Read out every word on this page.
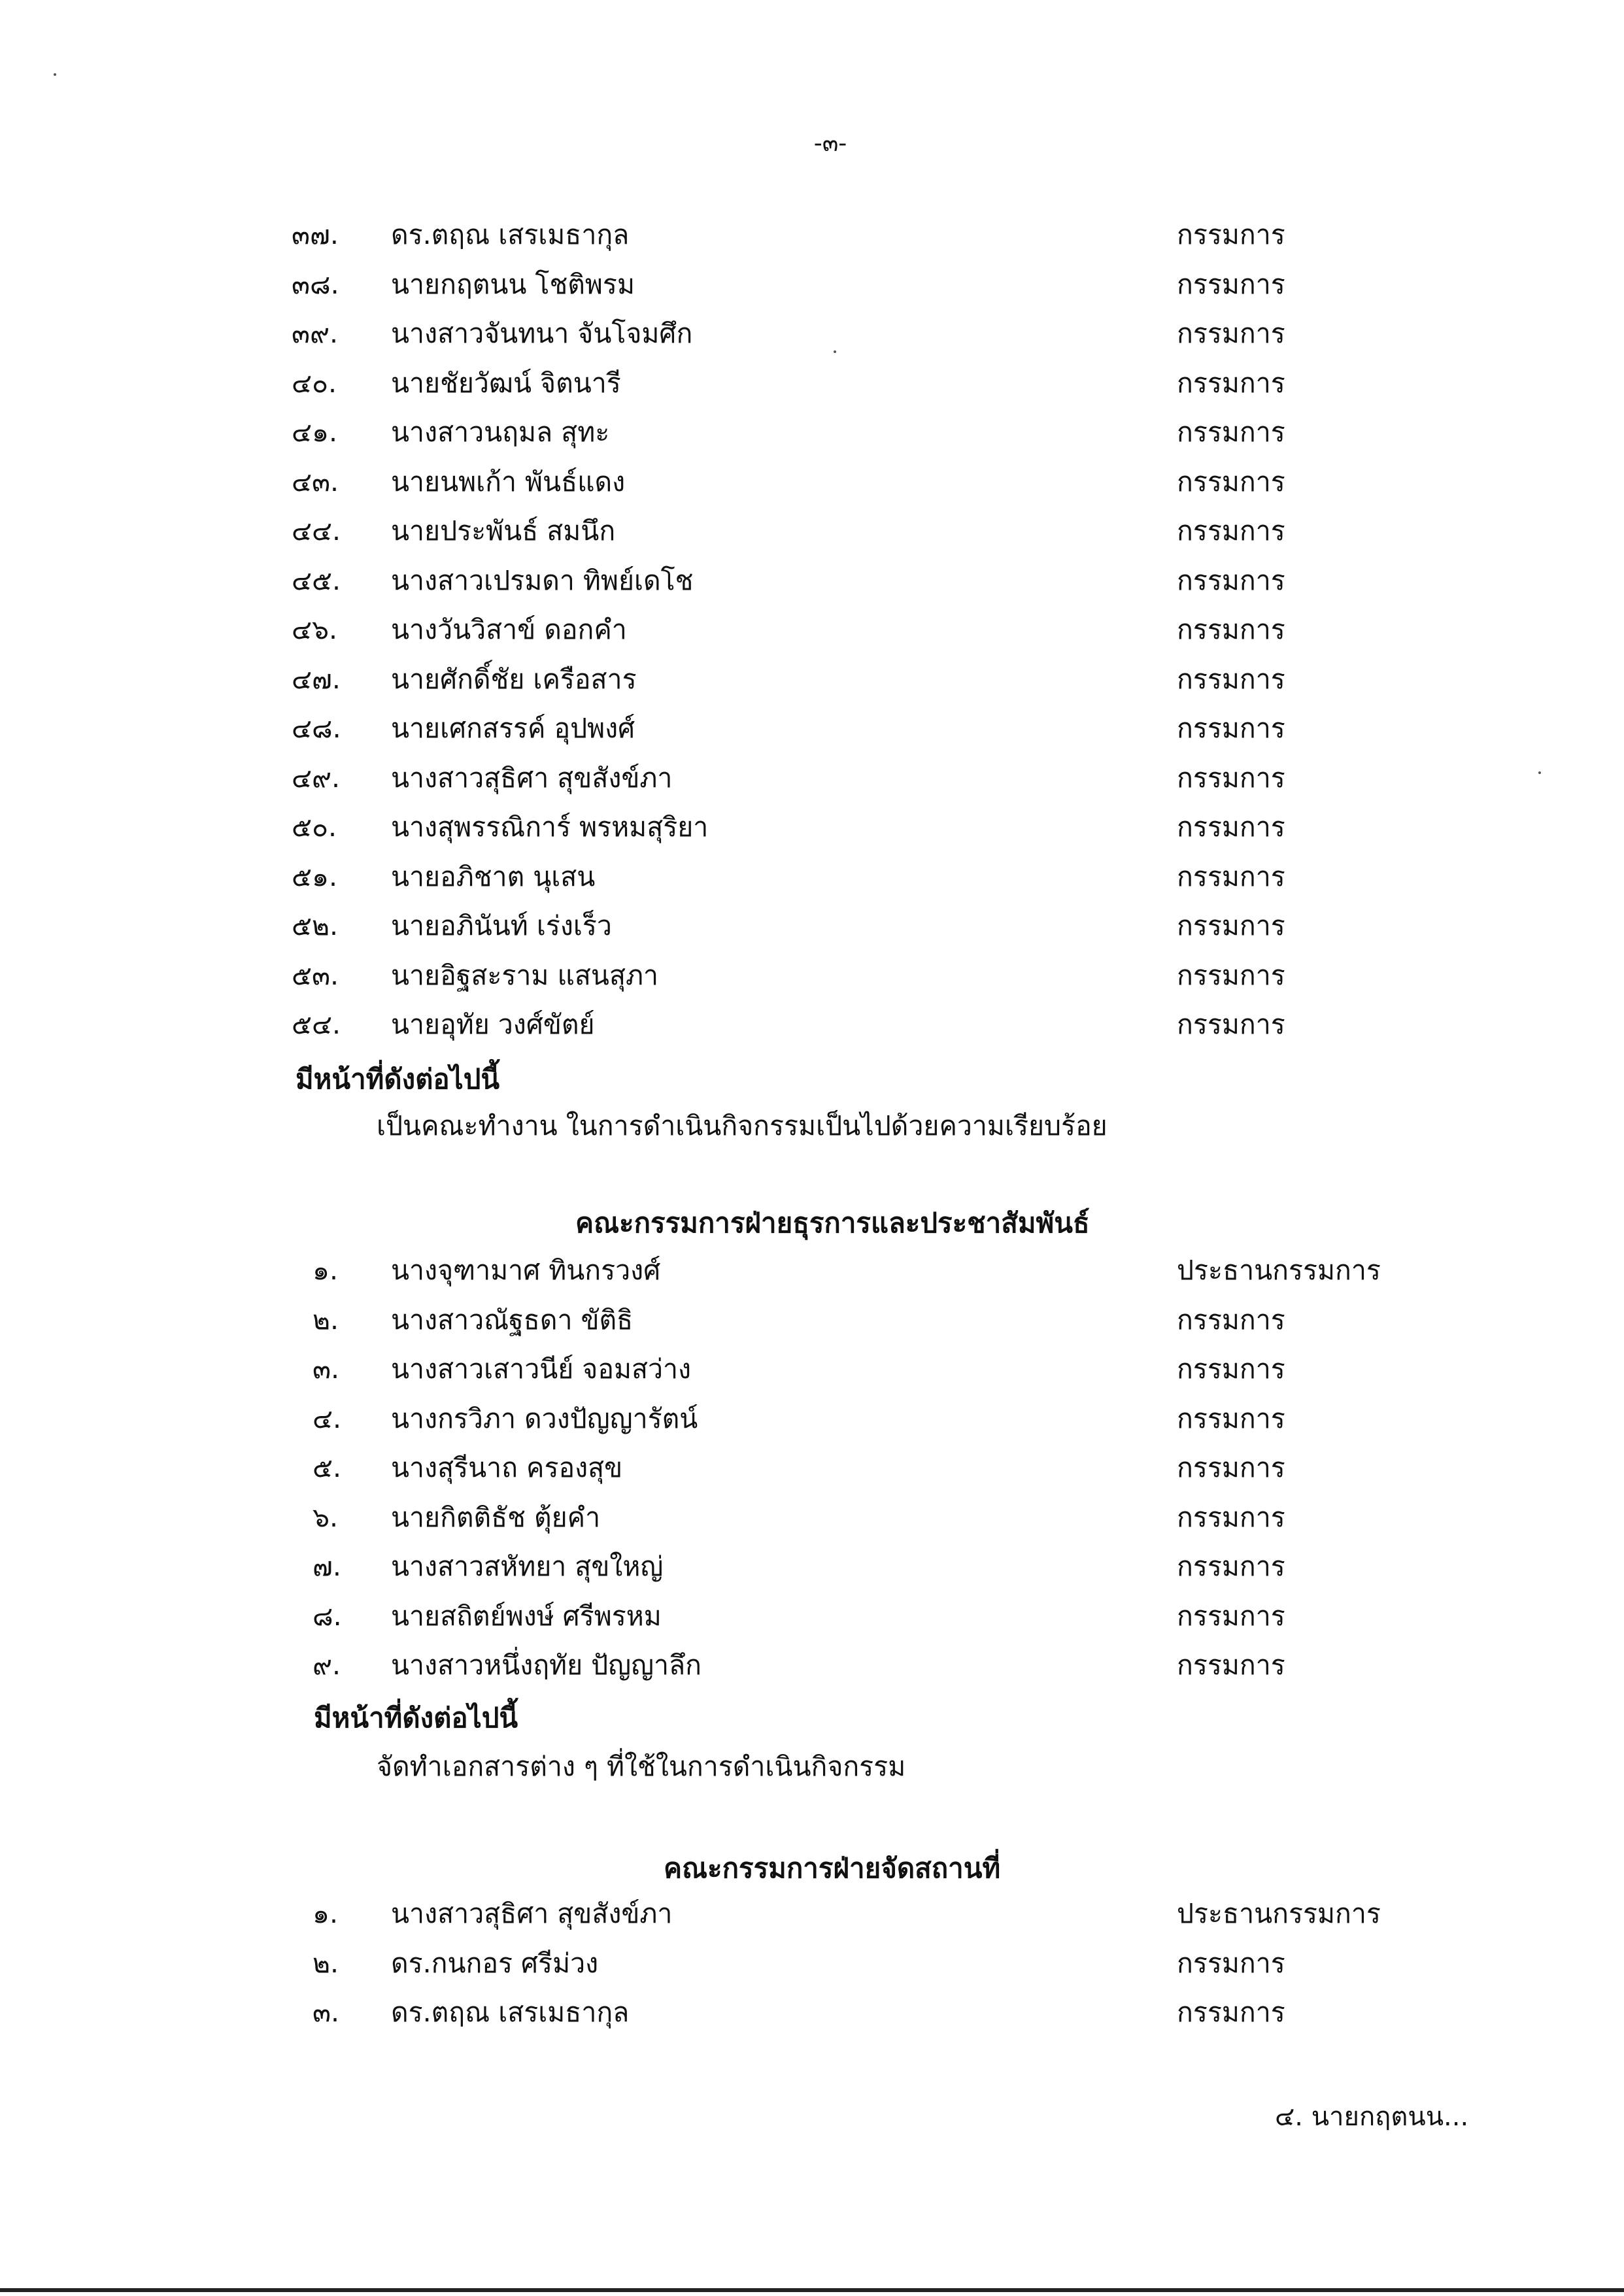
-๓-
๓๗.	ดร.ตฤณ เสรเมธากุล	กรรมการ
๓๘.	นายกฤตนน โชติพรม	กรรมการ
๓๙.	นางสาวจันทนา จันโจมศึก	กรรมการ
๔๐.	นายชัยวัฒน์ จิตนารี	กรรมการ
๔๑.	นางสาวนฤมล สุทะ	กรรมการ
๔๓.	นายนพเก้า พันธ์แดง	กรรมการ
๔๔.	นายประพันธ์ สมนึก	กรรมการ
๔๕.	นางสาวเปรมดา ทิพย์เดโช	กรรมการ
๔๖.	นางวันวิสาข์ ดอกคำ	กรรมการ
๔๗.	นายศักดิ์ชัย เครือสาร	กรรมการ
๔๘.	นายเศกสรรค์ อุปพงศ์	กรรมการ
๔๙.	นางสาวสุธิศา สุขสังข์ภา	กรรมการ
๕๐.	นางสุพรรณิการ์ พรหมสุริยา	กรรมการ
๕๑.	นายอภิชาต นุเสน	กรรมการ
๕๒.	นายอภินันท์ เร่งเร็ว	กรรมการ
๕๓.	นายอิฐสะราม แสนสุภา	กรรมการ
๕๔.	นายอุทัย วงศ์ขัตย์	กรรมการ
มีหน้าที่ดังต่อไปนี้
เป็นคณะทำงาน ในการดำเนินกิจกรรมเป็นไปด้วยความเรียบร้อย
คณะกรรมการฝ่ายธุรการและประชาสัมพันธ์
๑.	นางจุฑามาศ ทินกรวงศ์	ประธานกรรมการ
๒.	นางสาวณัฐธดา ขัติธิ	กรรมการ
๓.	นางสาวเสาวนีย์ จอมสว่าง	กรรมการ
๔.	นางกรวิภา ดวงปัญญารัตน์	กรรมการ
๕.	นางสุรีนาถ ครองสุข	กรรมการ
๖.	นายกิตติธัช ตุ้ยคำ	กรรมการ
๗.	นางสาวสหัทยา สุขใหญ่	กรรมการ
๘.	นายสถิตย์พงษ์ ศรีพรหม	กรรมการ
๙.	นางสาวหนึ่งฤทัย ปัญญาลึก	กรรมการ
มีหน้าที่ดังต่อไปนี้
จัดทำเอกสารต่าง ๆ ที่ใช้ในการดำเนินกิจกรรม
คณะกรรมการฝ่ายจัดสถานที่
๑.	นางสาวสุธิศา สุขสังข์ภา	ประธานกรรมการ
๒.	ดร.กนกอร ศรีม่วง	กรรมการ
๓.	ดร.ตฤณ เสรเมธากุล	กรรมการ
๔. นายกฤตนน...
